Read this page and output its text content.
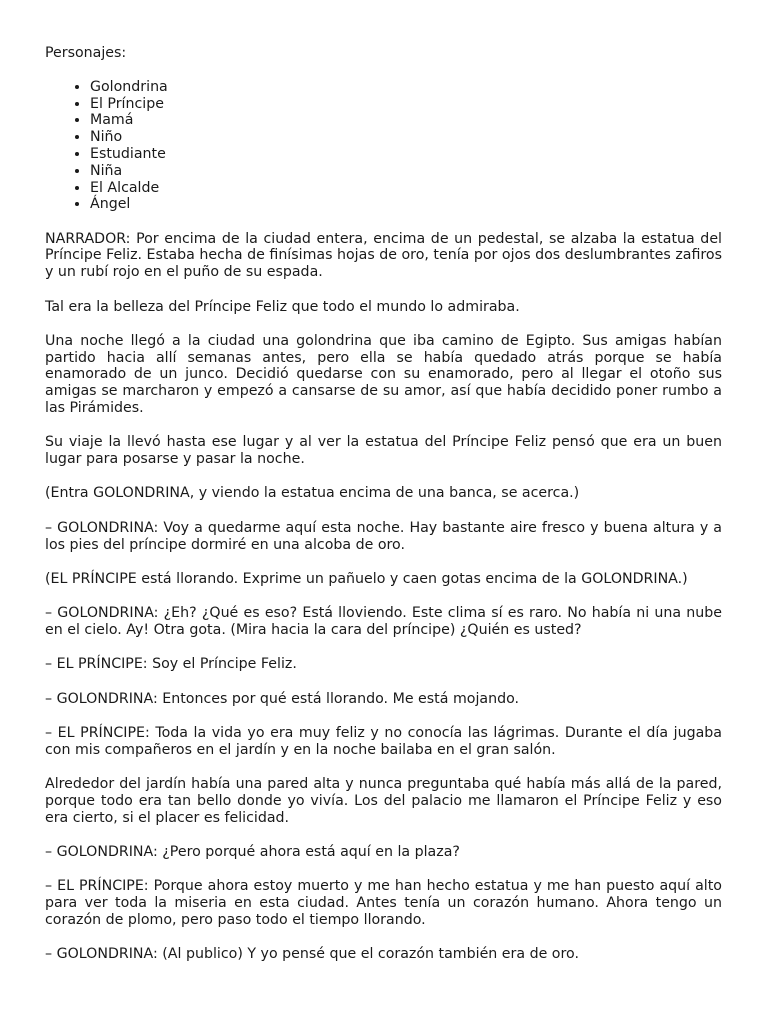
Personajes:

• Golondrina
• El Príncipe
• Mamá
• Niño
• Estudiante
• Niña
• El Alcalde
• Ángel

NARRADOR: Por encima de la ciudad entera, encima de un pedestal, se alzaba la estatua del Príncipe Feliz. Estaba hecha de finísimas hojas de oro, tenía por ojos dos deslumbrantes zafiros y un rubí rojo en el puño de su espada.

Tal era la belleza del Príncipe Feliz que todo el mundo lo admiraba.

Una noche llegó a la ciudad una golondrina que iba camino de Egipto. Sus amigas habían partido hacia allí semanas antes, pero ella se había quedado atrás porque se había enamorado de un junco. Decidió quedarse con su enamorado, pero al llegar el otoño sus amigas se marcharon y empezó a cansarse de su amor, así que había decidido poner rumbo a las Pirámides.

Su viaje la llevó hasta ese lugar y al ver la estatua del Príncipe Feliz pensó que era un buen lugar para posarse y pasar la noche.

(Entra GOLONDRINA, y viendo la estatua encima de una banca, se acerca.)

– GOLONDRINA: Voy a quedarme aquí esta noche. Hay bastante aire fresco y buena altura y a los pies del príncipe dormiré en una alcoba de oro.

(EL PRÍNCIPE está llorando. Exprime un pañuelo y caen gotas encima de la GOLONDRINA.)

– GOLONDRINA: ¿Eh? ¿Qué es eso? Está lloviendo. Este clima sí es raro. No había ni una nube en el cielo. Ay! Otra gota. (Mira hacia la cara del príncipe) ¿Quién es usted?

– EL PRÍNCIPE: Soy el Príncipe Feliz.

– GOLONDRINA: Entonces por qué está llorando. Me está mojando.

– EL PRÍNCIPE: Toda la vida yo era muy feliz y no conocía las lágrimas. Durante el día jugaba con mis compañeros en el jardín y en la noche bailaba en el gran salón.

Alrededor del jardín había una pared alta y nunca preguntaba qué había más allá de la pared, porque todo era tan bello donde yo vivía. Los del palacio me llamaron el Príncipe Feliz y eso era cierto, si el placer es felicidad.

– GOLONDRINA: ¿Pero porqué ahora está aquí en la plaza?

– EL PRÍNCIPE: Porque ahora estoy muerto y me han hecho estatua y me han puesto aquí alto para ver toda la miseria en esta ciudad. Antes tenía un corazón humano. Ahora tengo un corazón de plomo, pero paso todo el tiempo llorando.

– GOLONDRINA: (Al publico) Y yo pensé que el corazón también era de oro.
